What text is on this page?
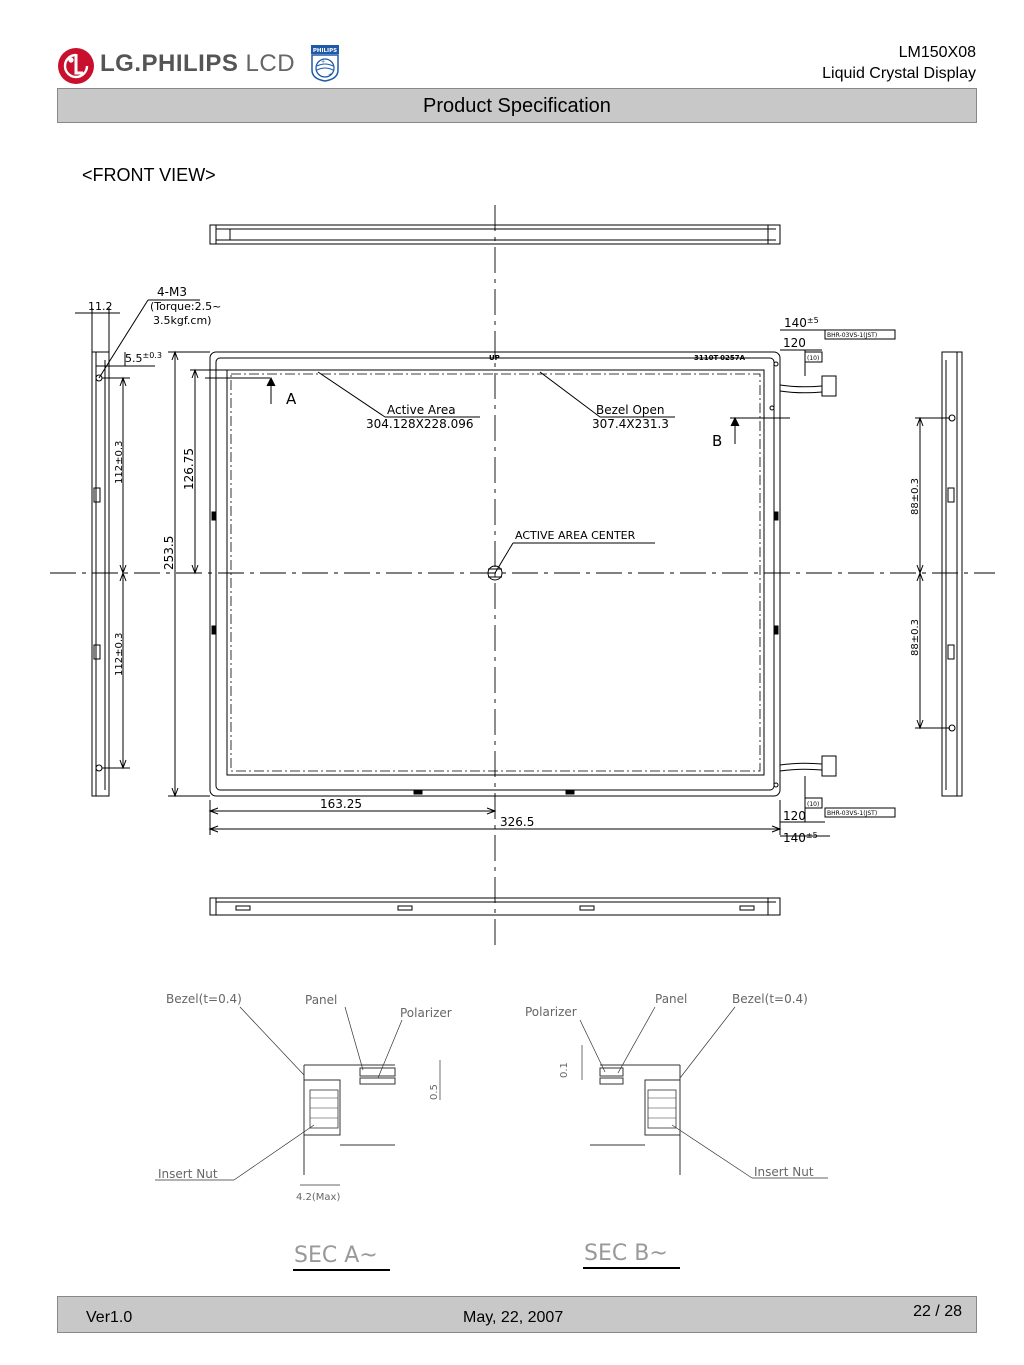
LG.PHILIPS LCD	PHILIPS
+
+
LM150X08
Liquid Crystal Display
Product Specification
<FRONT VIEW>
4-M3
(Torque:2.5~
3.5kgf.cm)
11.2
$5.5^{\pm 0.3}$
112±0.3
112±0.3
126.75
253.5
A
B
Active Area
304.128X228.096
Bezel Open
307.4X231.3
ACTIVE AREA CENTER
UP	3110T-0257A
$140^{\pm 5}$
120
(10)
BHR-03VS-1(JST)
88±0.3
88±0.3
163.25
326.5	120
(10)
BHR-03VS-1(JST)
$140^{\pm 5}$
Bezel(t=0.4)	Panel
Polarizer
0.5
Insert Nut
4.2(Max)
SEC A~
Polarizer
Panel	Bezel(t=0.4)
0.1
Insert Nut
SEC B~
Ver1.0	May, 22, 2007	22 / 28
